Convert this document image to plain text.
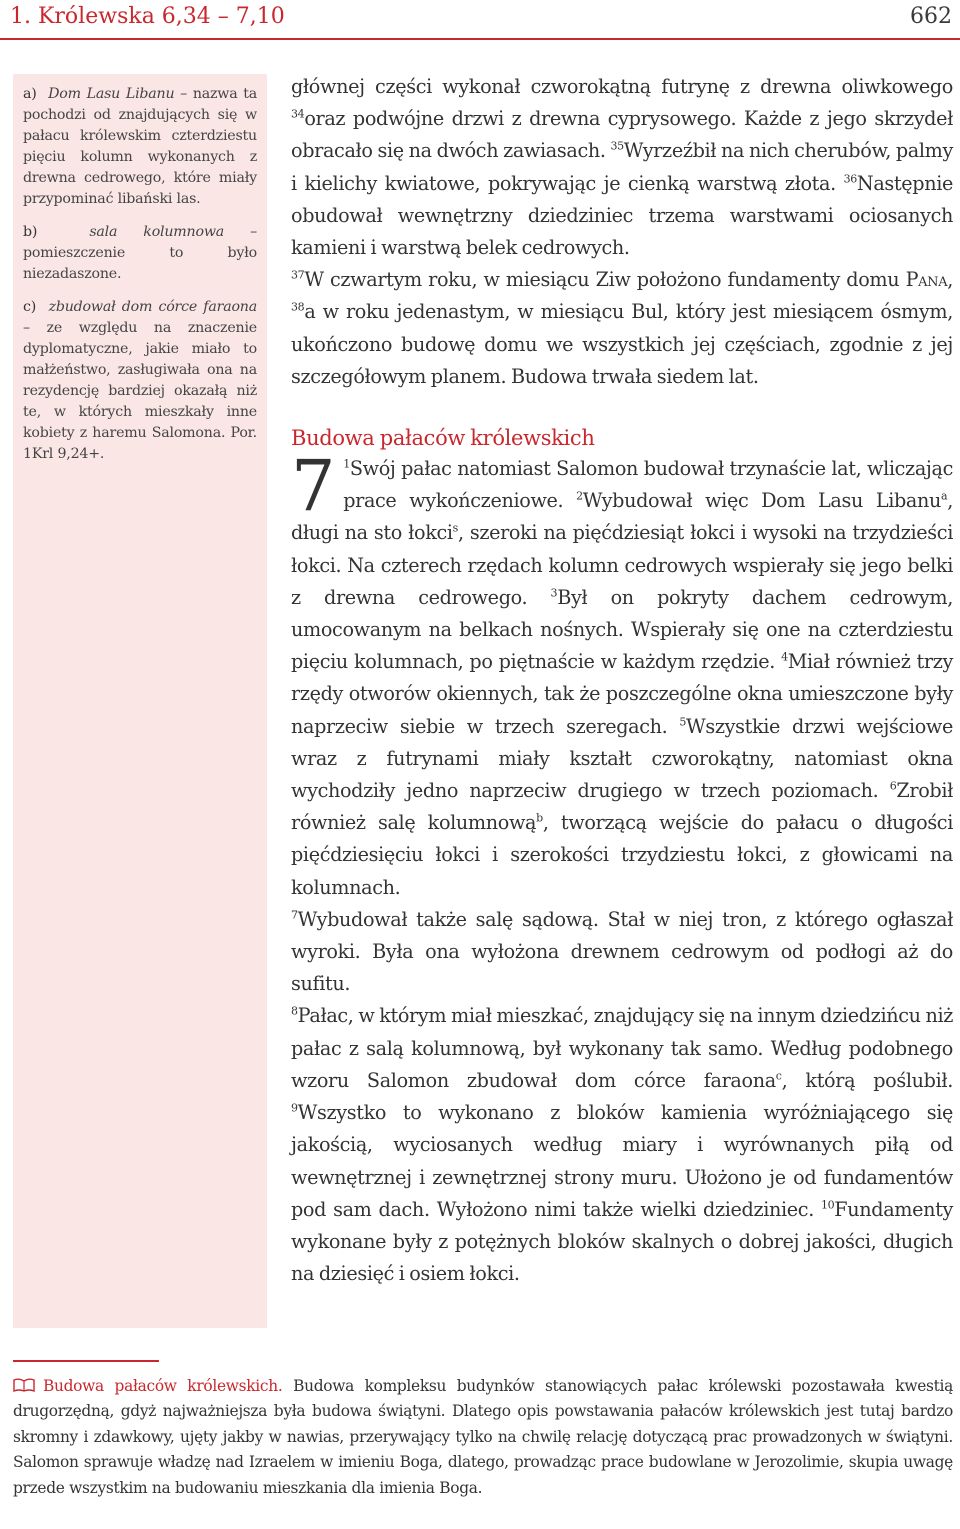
1. Królewska 6,34 – 7,10	662

a) Dom Lasu Libanu – nazwa ta pochodzi od znajdujących się w pałacu królewskim czterdziestu pięciu kolumn wykonanych z drewna cedrowego, które miały przypominać libański las.

b)	sala kolumnowa – pomieszczenie to było niezadaszone.

c) zbudował dom córce faraona – ze względu na znaczenie dyplomatyczne, jakie miało to małżeństwo, zasługiwała ona na rezydencję bardziej okazałą niż te, w których mieszkały inne kobiety z haremu Salomona. Por. 1Krl 9,24+.

głównej części wykonał czworokątną futrynę z drewna oliwkowego $^{34}$oraz podwójne drzwi z drewna cyprysowego. Każde z jego skrzydeł obracało się na dwóch zawiasach. $^{35}$Wyrzeźbił na nich cherubów, palmy i kielichy kwiatowe, pokrywając je cienką warstwą złota. $^{36}$Następnie obudował wewnętrzny dziedziniec trzema warstwami ociosanych kamieni i warstwą belek cedrowych.

$^{37}$W czwartym roku, w miesiącu Ziw położono fundamenty domu Pana, $^{38}$a w roku jedenastym, w miesiącu Bul, który jest miesiącem ósmym, ukończono budowę domu we wszystkich jej częściach, zgodnie z jej szczegółowym planem. Budowa trwała siedem lat.

Budowa pałaców królewskich

7 $^1$Swój pałac natomiast Salomon budował trzynaście lat, wliczając prace wykończeniowe. $^2$Wybudował więc Dom Lasu Libanu$^a$, długi na sto łokci$^s$, szeroki na pięćdziesiąt łokci i wysoki na trzydzieści łokci. Na czterech rzędach kolumn cedrowych wspierały się jego belki z drewna cedrowego. $^3$Był on pokryty dachem cedrowym, umocowanym na belkach nośnych. Wspierały się one na czterdziestu pięciu kolumnach, po piętnaście w każdym rzędzie. $^4$Miał również trzy rzędy otworów okiennych, tak że poszczególne okna umieszczone były naprzeciw siebie w trzech szeregach. $^5$Wszystkie drzwi wejściowe wraz z futrynami miały kształt czworokątny, natomiast okna wychodziły jedno naprzeciw drugiego w trzech poziomach. $^6$Zrobił również salę kolumnową$^b$, tworzącą wejście do pałacu o długości pięćdziesięciu łokci i szerokości trzydziestu łokci, z głowicami na kolumnach.

$^7$Wybudował także salę sądową. Stał w niej tron, z którego ogłaszał wyroki. Była ona wyłożona drewnem cedrowym od podłogi aż do sufitu.

$^8$Pałac, w którym miał mieszkać, znajdujący się na innym dziedzińcu niż pałac z salą kolumnową, był wykonany tak samo. Według podobnego wzoru Salomon zbudował dom córce faraona$^c$, którą poślubił. $^9$Wszystko to wykonano z bloków kamienia wyróżniającego się jakością, wyciosanych według miary i wyrównanych piłą od wewnętrznej i zewnętrznej strony muru. Ułożono je od fundamentów pod sam dach. Wyłożono nimi także wielki dziedziniec. $^{10}$Fundamenty wykonane były z potężnych bloków skalnych o dobrej jakości, długich na dziesięć i osiem łokci.

Budowa pałaców królewskich. Budowa kompleksu budynków stanowiących pałac królewski pozostawała kwestią drugorzędną, gdyż najważniejsza była budowa świątyni. Dlatego opis powstawania pałaców królewskich jest tutaj bardzo skromny i zdawkowy, ujęty jakby w nawias, przerywający tylko na chwilę relację dotyczącą prac prowadzonych w świątyni. Salomon sprawuje władzę nad Izraelem w imieniu Boga, dlatego, prowadząc prace budowlane w Jerozolimie, skupia uwagę przede wszystkim na budowaniu mieszkania dla imienia Boga.
